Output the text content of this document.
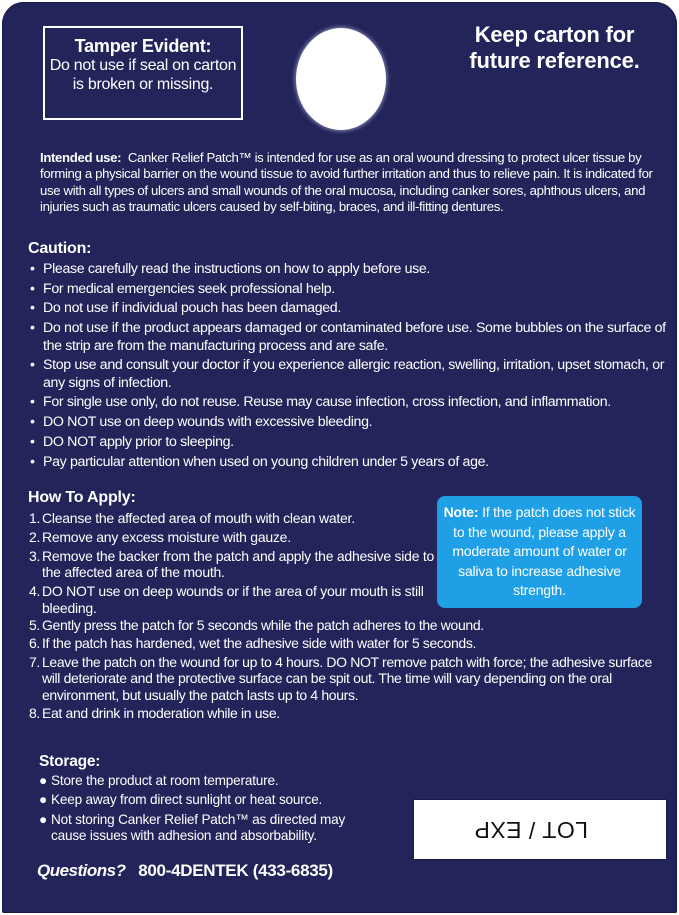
Tamper Evident:
Do not use if seal on carton is broken or missing.
Keep carton for
future reference.
Intended use: Canker Relief Patch™ is intended for use as an oral wound dressing to protect ulcer tissue by forming a physical barrier on the wound tissue to avoid further irritation and thus to relieve pain. It is indicated for use with all types of ulcers and small wounds of the oral mucosa, including canker sores, aphthous ulcers, and injuries such as traumatic ulcers caused by self-biting, braces, and ill-fitting dentures.
Caution:
• Please carefully read the instructions on how to apply before use.
• For medical emergencies seek professional help.
• Do not use if individual pouch has been damaged.
• Do not use if the product appears damaged or contaminated before use. Some bubbles on the surface of the strip are from the manufacturing process and are safe.
• Stop use and consult your doctor if you experience allergic reaction, swelling, irritation, upset stomach, or any signs of infection.
• For single use only, do not reuse. Reuse may cause infection, cross infection, and inflammation.
• DO NOT use on deep wounds with excessive bleeding.
• DO NOT apply prior to sleeping.
• Pay particular attention when used on young children under 5 years of age.
How To Apply:
1. Cleanse the affected area of mouth with clean water.
2. Remove any excess moisture with gauze.
3. Remove the backer from the patch and apply the adhesive side to the affected area of the mouth.
4. DO NOT use on deep wounds or if the area of your mouth is still bleeding.
Note: If the patch does not stick to the wound, please apply a moderate amount of water or saliva to increase adhesive strength.
5. Gently press the patch for 5 seconds while the patch adheres to the wound.
6. If the patch has hardened, wet the adhesive side with water for 5 seconds.
7. Leave the patch on the wound for up to 4 hours. DO NOT remove patch with force; the adhesive surface will deteriorate and the protective surface can be spit out. The time will vary depending on the oral environment, but usually the patch lasts up to 4 hours.
8. Eat and drink in moderation while in use.
Storage:
● Store the product at room temperature.
● Keep away from direct sunlight or heat source.
● Not storing Canker Relief Patch™ as directed may cause issues with adhesion and absorbability.
Questions? 800-4DENTEK (433-6835)
LOT / EXP
